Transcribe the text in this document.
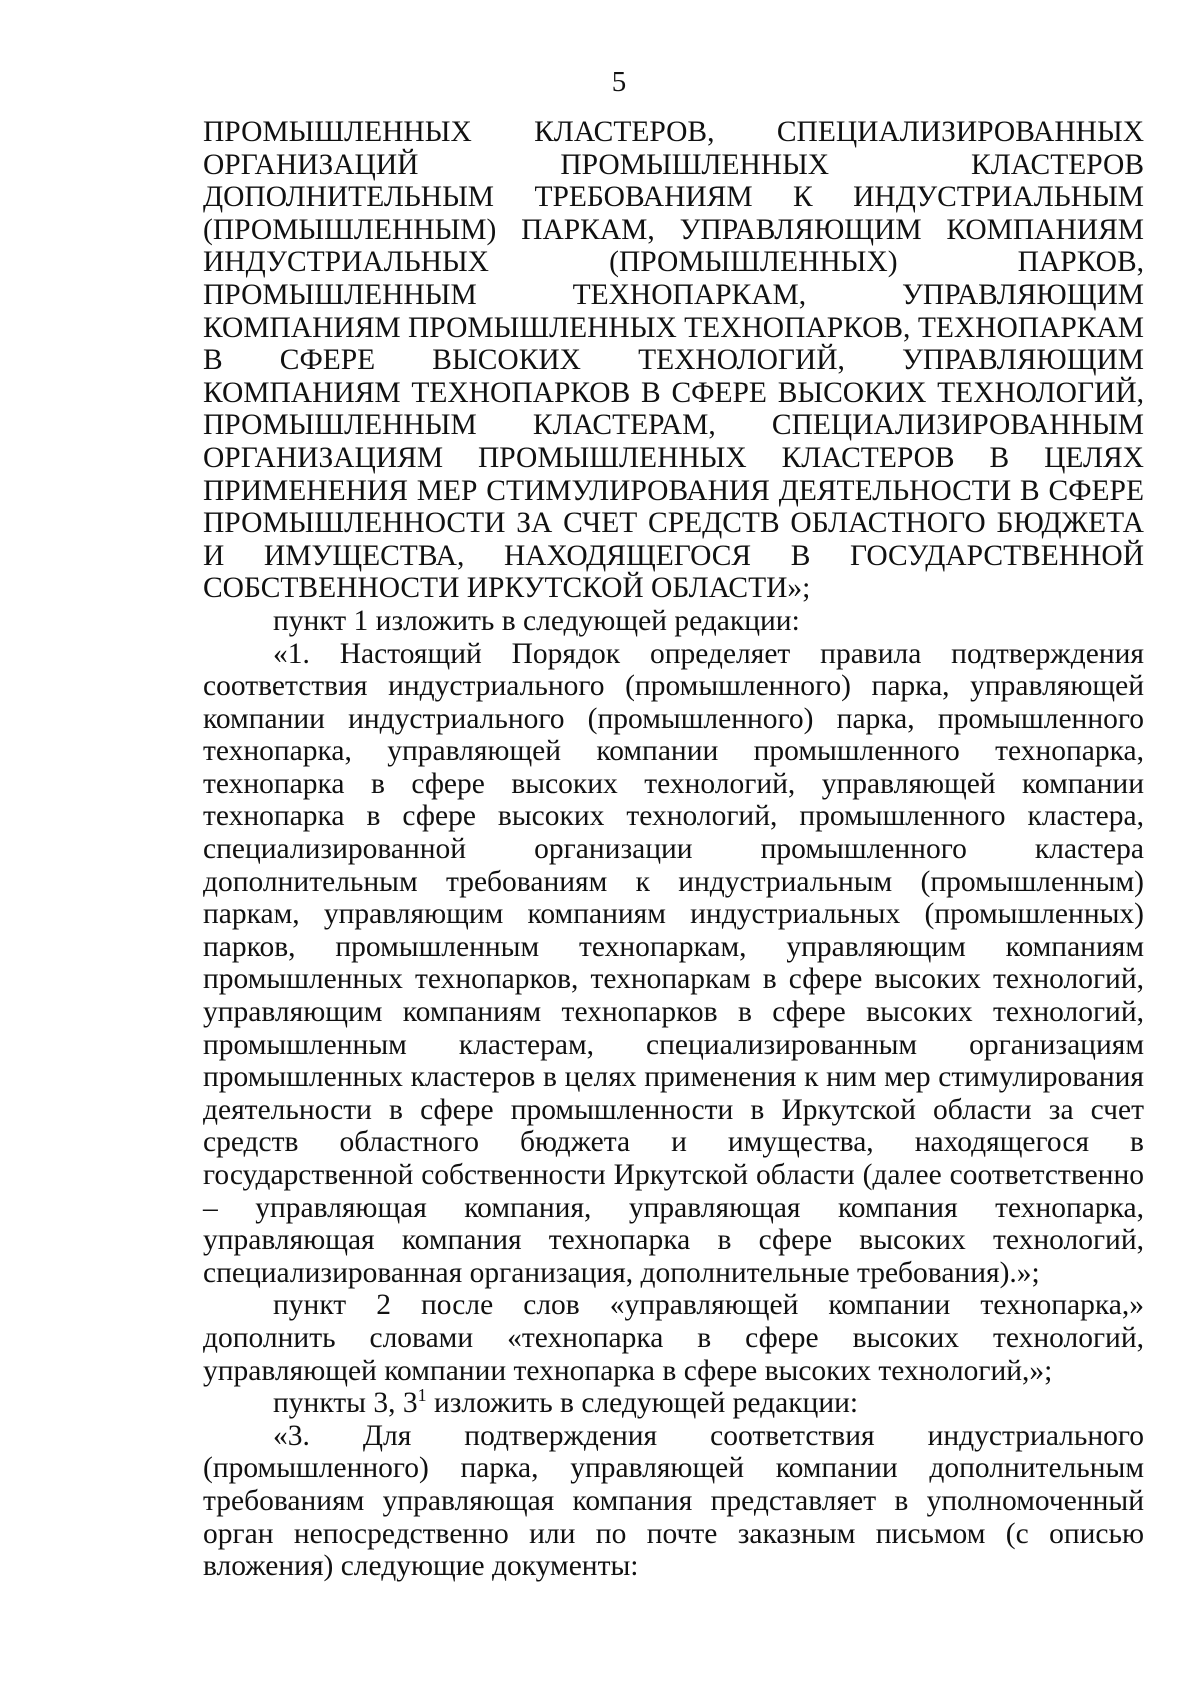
5

ПРОМЫШЛЕННЫХ КЛАСТЕРОВ, СПЕЦИАЛИЗИРОВАННЫХ ОРГАНИЗАЦИЙ ПРОМЫШЛЕННЫХ КЛАСТЕРОВ ДОПОЛНИТЕЛЬНЫМ ТРЕБОВАНИЯМ К ИНДУСТРИАЛЬНЫМ (ПРОМЫШЛЕННЫМ) ПАРКАМ, УПРАВЛЯЮЩИМ КОМПАНИЯМ ИНДУСТРИАЛЬНЫХ (ПРОМЫШЛЕННЫХ) ПАРКОВ, ПРОМЫШЛЕННЫМ ТЕХНОПАРКАМ, УПРАВЛЯЮЩИМ КОМПАНИЯМ ПРОМЫШЛЕННЫХ ТЕХНОПАРКОВ, ТЕХНОПАРКАМ В СФЕРЕ ВЫСОКИХ ТЕХНОЛОГИЙ, УПРАВЛЯЮЩИМ КОМПАНИЯМ ТЕХНОПАРКОВ В СФЕРЕ ВЫСОКИХ ТЕХНОЛОГИЙ, ПРОМЫШЛЕННЫМ КЛАСТЕРАМ, СПЕЦИАЛИЗИРОВАННЫМ ОРГАНИЗАЦИЯМ ПРОМЫШЛЕННЫХ КЛАСТЕРОВ В ЦЕЛЯХ ПРИМЕНЕНИЯ МЕР СТИМУЛИРОВАНИЯ ДЕЯТЕЛЬНОСТИ В СФЕРЕ ПРОМЫШЛЕННОСТИ ЗА СЧЕТ СРЕДСТВ ОБЛАСТНОГО БЮДЖЕТА И ИМУЩЕСТВА, НАХОДЯЩЕГОСЯ В ГОСУДАРСТВЕННОЙ СОБСТВЕННОСТИ ИРКУТСКОЙ ОБЛАСТИ»;

пункт 1 изложить в следующей редакции:

«1. Настоящий Порядок определяет правила подтверждения соответствия индустриального (промышленного) парка, управляющей компании индустриального (промышленного) парка, промышленного технопарка, управляющей компании промышленного технопарка, технопарка в сфере высоких технологий, управляющей компании технопарка в сфере высоких технологий, промышленного кластера, специализированной организации промышленного кластера дополнительным требованиям к индустриальным (промышленным) паркам, управляющим компаниям индустриальных (промышленных) парков, промышленным технопаркам, управляющим компаниям промышленных технопарков, технопаркам в сфере высоких технологий, управляющим компаниям технопарков в сфере высоких технологий, промышленным кластерам, специализированным организациям промышленных кластеров в целях применения к ним мер стимулирования деятельности в сфере промышленности в Иркутской области за счет средств областного бюджета и имущества, находящегося в государственной собственности Иркутской области (далее соответственно – управляющая компания, управляющая компания технопарка, управляющая компания технопарка в сфере высоких технологий, специализированная организация, дополнительные требования).»;

пункт 2 после слов «управляющей компании технопарка,» дополнить словами «технопарка в сфере высоких технологий, управляющей компании технопарка в сфере высоких технологий,»;

пункты 3, $3^1$ изложить в следующей редакции:

«3. Для подтверждения соответствия индустриального (промышленного) парка, управляющей компании дополнительным требованиям управляющая компания представляет в уполномоченный орган непосредственно или по почте заказным письмом (с описью вложения) следующие документы:
